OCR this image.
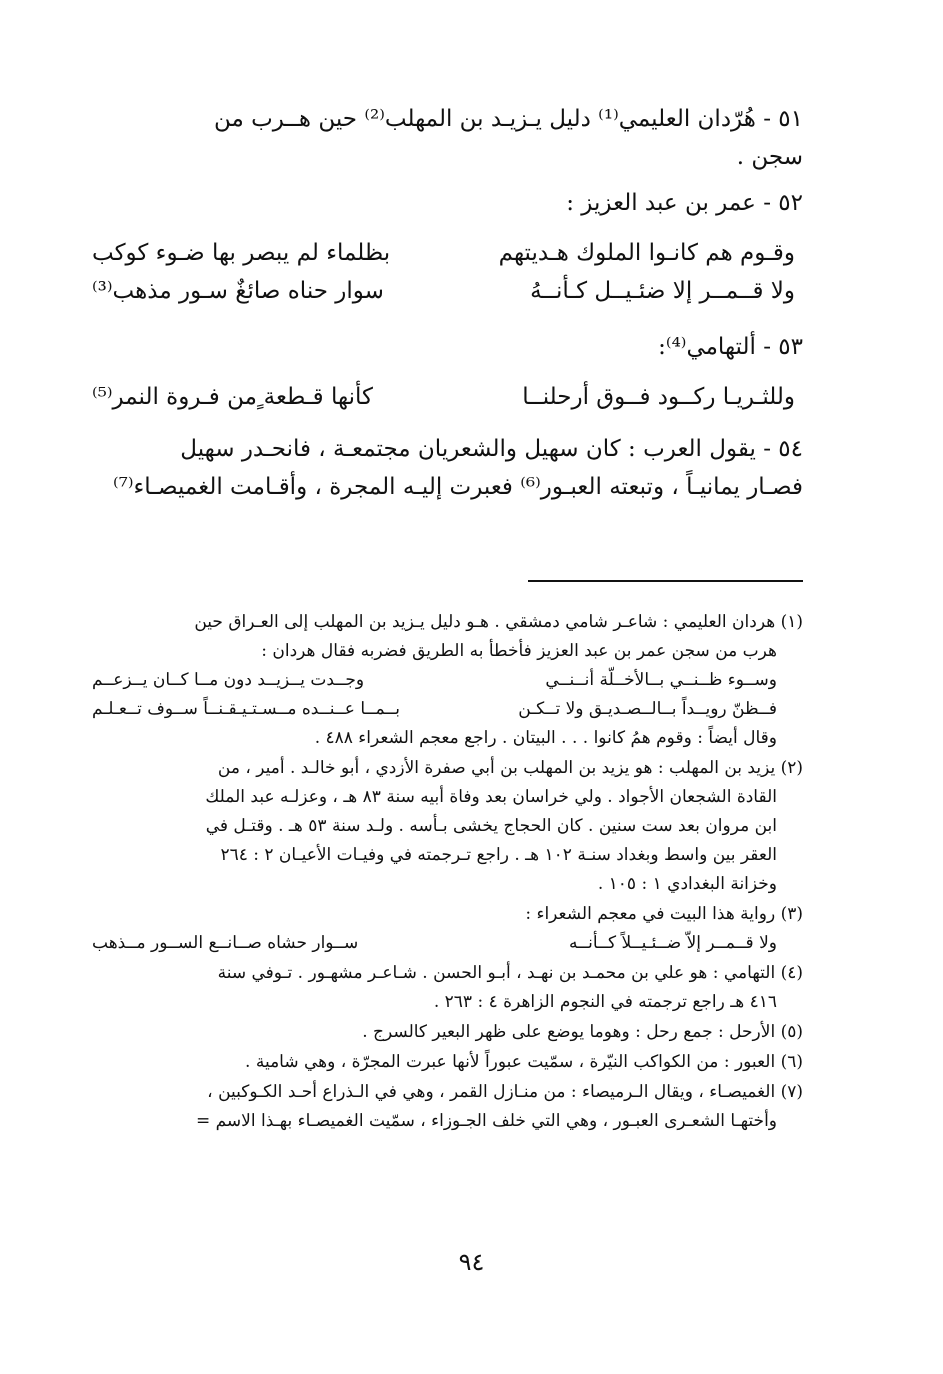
٥١ - هُرّدان العليمي⁽¹⁾ دليل يـزيـد بن المهلب⁽²⁾ حين هــرب من
سجن .
٥٢ - عمر بن عبد العزيز :
وقـوم هم كانـوا الملوك هـديتهم
بظلماء لم يبصر بها ضـوء كوكب
ولا قــمــر إلا ضئـيــل كـأنــهُ
سوار حناه صائغٌ سـور مذهب⁽³⁾
٥٣ - ألتهامي⁽⁴⁾:
وللثـريـا ركــود فــوق أرحلنــا
كأنها قـطعة ٍمن فـروة النمر⁽⁵⁾
٥٤ - يقول العرب : كان سهيل والشعريان مجتمعـة ، فانحـدر سهيل
فصـار يمانيـاً ، وتبعته العبـور⁽⁶⁾ فعبرت إليـه المجرة ، وأقـامت الغميصـاء⁽⁷⁾
(١) هردان العليمي : شاعـر شامي دمشقي . هـو دليل يـزيد بن المهلب إلى العـراق حين
هرب من سجن عمر بن عبد العزيز فأخطأ به الطريق فضربه فقال هردان :
وســوء ظــنــي بــالأخــلّة أنــنــي
وجــدت يــزيــد دون مــا كــان يــزعــم
فــظنّ رويــداً بــالــصـديـق ولا تــكـن
بــمــا عــنــده مــسـتـيـقـنــاً ســوف تــعـلـم
وقال أيضاً : وقوم همُ كانوا . . . البيتان . راجع معجم الشعراء ٤٨٨ .
(٢) يزيد بن المهلب : هو يزيد بن المهلب بن أبي صفرة الأزدي ، أبو خالـد . أمير ، من
القادة الشجعان الأجواد . ولي خراسان بعد وفاة أبيه سنة ٨٣ هـ ، وعزلـه عبد الملك
ابن مروان بعد ست سنين . كان الحجاج يخشى بـأسه . ولـد سنة ٥٣ هـ . وقتـل في
العقر بين واسط وبغداد سنـة ١٠٢ هـ . راجع تـرجمته في وفيـات الأعيـان ٢ : ٢٦٤
وخزانة البغدادي ١ : ١٠٥ .
(٣) رواية هذا البيت في معجم الشعراء :
ولا قــمــر إلاّ ضــئـيــلاً كــأنــه
ســوار حشاه صــانــع الســور مــذهب
(٤) التهامي : هو علي بن محمـد بن نهـد ، أبـو الحسن . شـاعـر مشهـور . تـوفي سنة
٤١٦ هـ راجع ترجمته في النجوم الزاهرة ٤ : ٢٦٣ .
(٥) الأرحل : جمع رحل : وهوما يوضع على ظهر البعير كالسرج .
(٦) العبور : من الكواكب النيّرة ، سمّيت عبوراً لأنها عبرت المجرّة ، وهي شامية .
(٧) الغميصـاء ، ويقال الـرميصاء : من منـازل القمر ، وهي في الـذراع أحـد الكـوكبين ،
وأختهـا الشعـرى العبـور ، وهي التي خلف الجـوزاء ، سمّيت الغميصـاء بهـذا الاسم =
٩٤
